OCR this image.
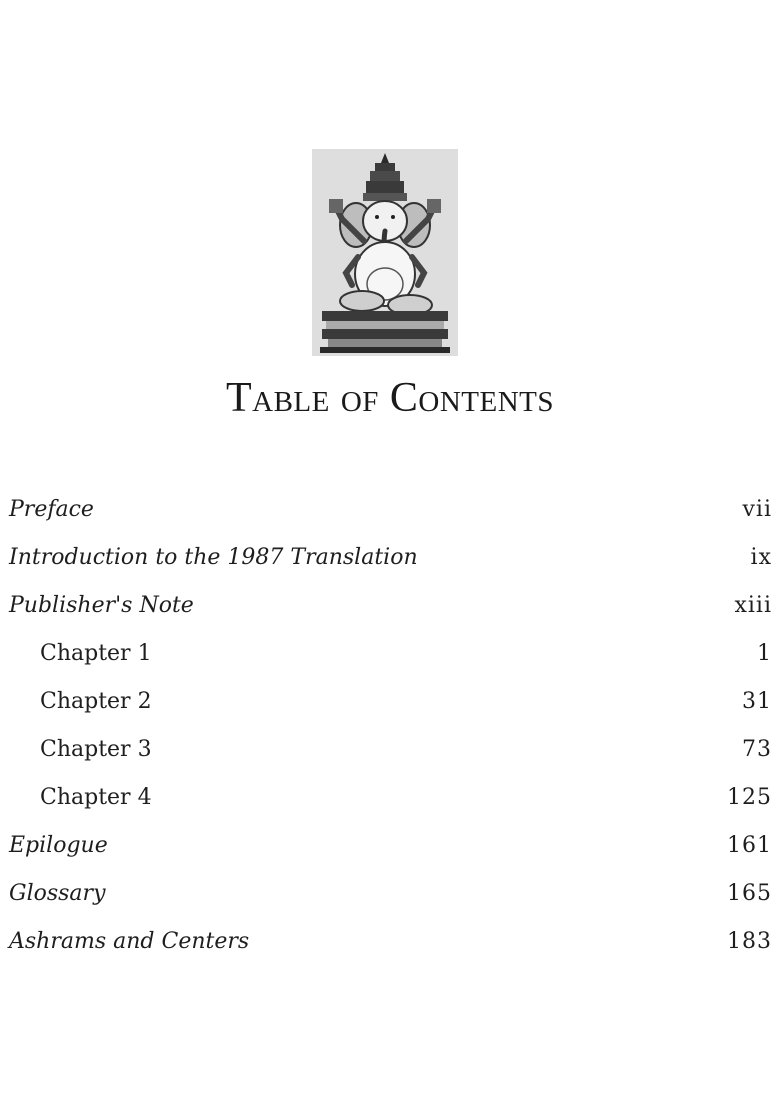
Table of Contents
Preface	vii
Introduction to the 1987 Translation	ix
Publisher's Note	xiii
Chapter 1	1
Chapter 2	31
Chapter 3	73
Chapter 4	125
Epilogue	161
Glossary	165
Ashrams and Centers	183
